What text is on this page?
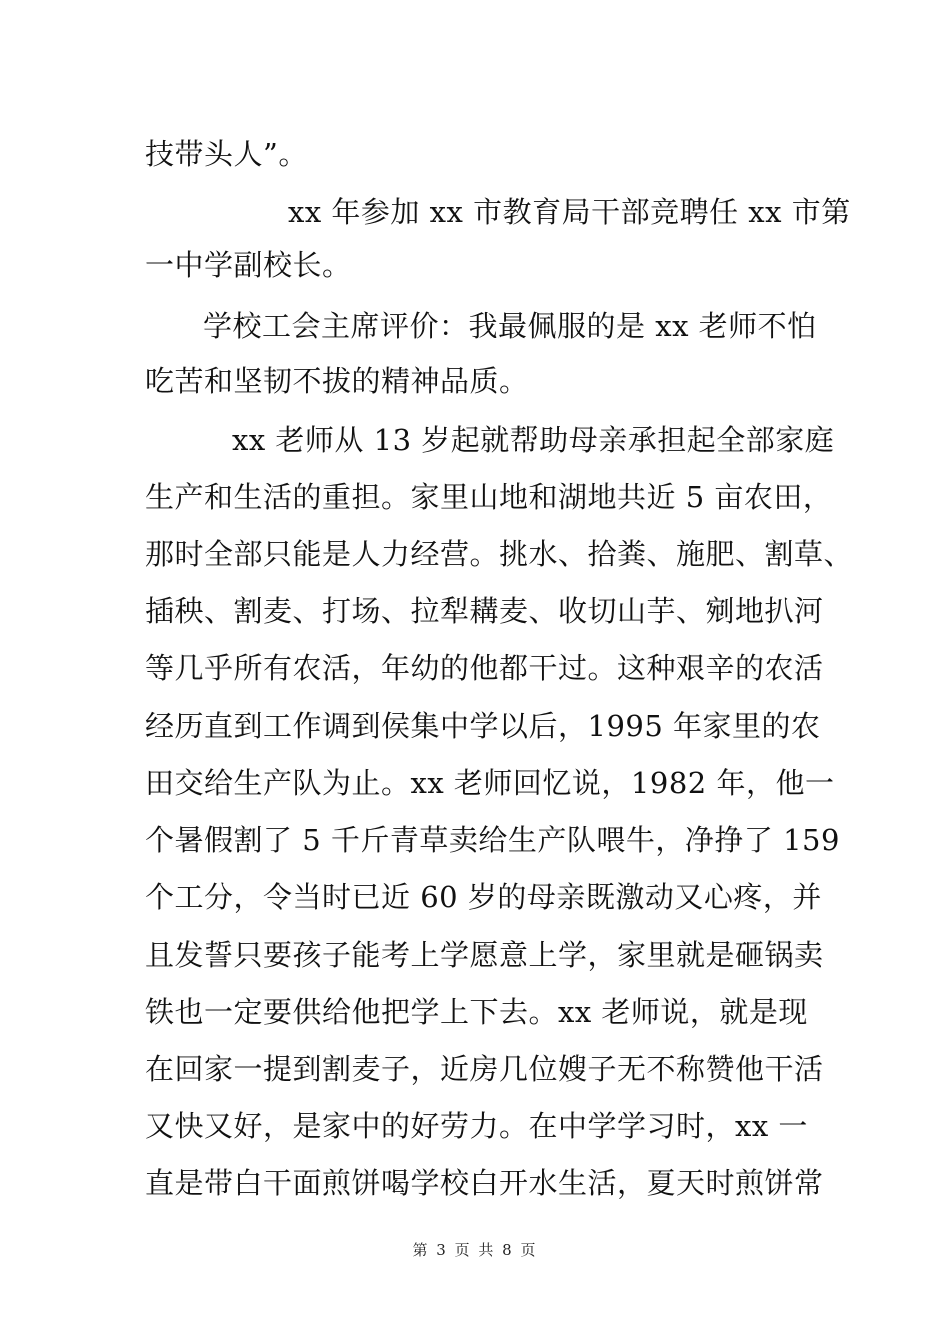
技带头人”。
xx 年参加 xx 市教育局干部竞聘任 xx 市第
一中学副校长。
学校工会主席评价：我最佩服的是 xx 老师不怕
吃苦和坚韧不拔的精神品质。
xx 老师从 13 岁起就帮助母亲承担起全部家庭
生产和生活的重担。家里山地和湖地共近 5 亩农田，
那时全部只能是人力经营。挑水、拾粪、施肥、割草、
插秧、割麦、打场、拉犁耩麦、收切山芋、剜地扒河
等几乎所有农活，年幼的他都干过。这种艰辛的农活
经历直到工作调到侯集中学以后，1995 年家里的农
田交给生产队为止。xx 老师回忆说，1982 年，他一
个暑假割了 5 千斤青草卖给生产队喂牛，净挣了 159
个工分，令当时已近 60 岁的母亲既激动又心疼，并
且发誓只要孩子能考上学愿意上学，家里就是砸锅卖
铁也一定要供给他把学上下去。xx 老师说，就是现
在回家一提到割麦子，近房几位嫂子无不称赞他干活
又快又好，是家中的好劳力。在中学学习时，xx 一
直是带白干面煎饼喝学校白开水生活，夏天时煎饼常
第 3 页 共 8 页
